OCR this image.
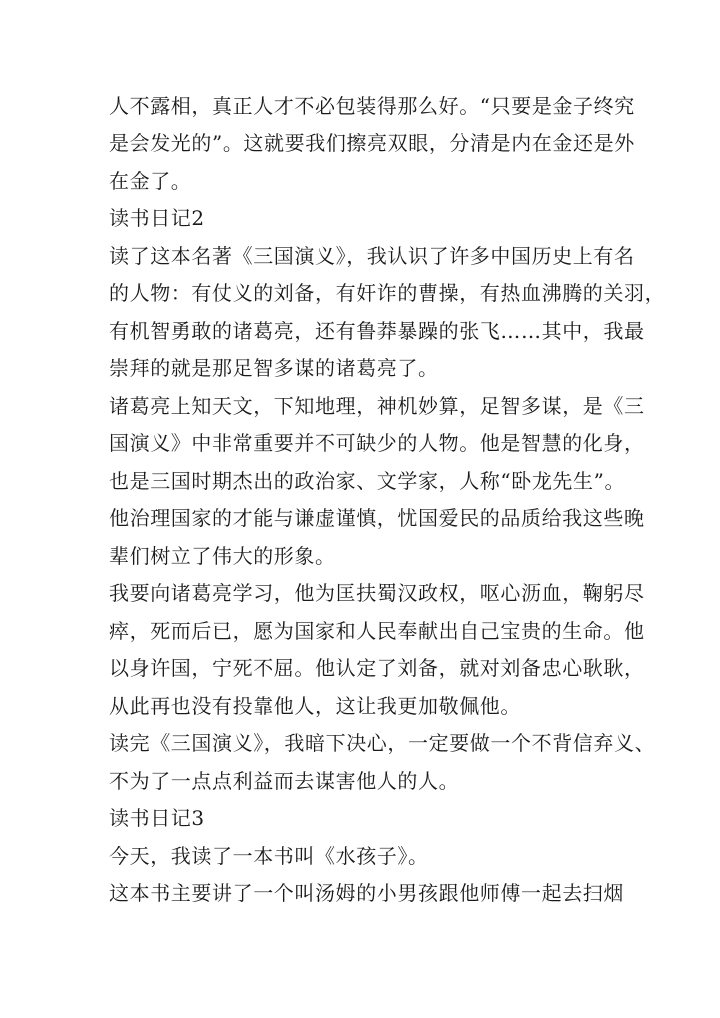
人不露相，真正人才不必包装得那么好。“只要是金子终究
是会发光的”。这就要我们擦亮双眼，分清是内在金还是外
在金了。
读书日记2
读了这本名著《三国演义》，我认识了许多中国历史上有名
的人物：有仗义的刘备，有奸诈的曹操，有热血沸腾的关羽，
有机智勇敢的诸葛亮，还有鲁莽暴躁的张飞……其中，我最
崇拜的就是那足智多谋的诸葛亮了。
诸葛亮上知天文，下知地理，神机妙算，足智多谋，是《三
国演义》中非常重要并不可缺少的人物。他是智慧的化身，
也是三国时期杰出的政治家、文学家，人称“卧龙先生”。
他治理国家的才能与谦虚谨慎，忧国爱民的品质给我这些晚
辈们树立了伟大的形象。
我要向诸葛亮学习，他为匡扶蜀汉政权，呕心沥血，鞠躬尽
瘁，死而后已，愿为国家和人民奉献出自己宝贵的生命。他
以身许国，宁死不屈。他认定了刘备，就对刘备忠心耿耿，
从此再也没有投靠他人，这让我更加敬佩他。
读完《三国演义》，我暗下决心，一定要做一个不背信弃义、
不为了一点点利益而去谋害他人的人。
读书日记3
今天，我读了一本书叫《水孩子》。
这本书主要讲了一个叫汤姆的小男孩跟他师傅一起去扫烟
